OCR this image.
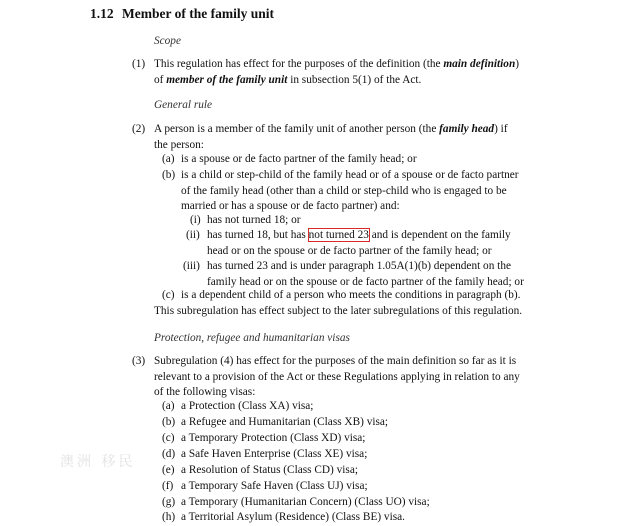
1.12 Member of the family unit
Scope
(1) This regulation has effect for the purposes of the definition (the main definition)
of member of the family unit in subsection 5(1) of the Act.
General rule
(2) A person is a member of the family unit of another person (the family head) if
the person:
(a) is a spouse or de facto partner of the family head; or
(b) is a child or step-child of the family head or of a spouse or de facto partner
of the family head (other than a child or step-child who is engaged to be
married or has a spouse or de facto partner) and:
(i) has not turned 18; or
(ii) has turned 18, but has not turned 23 and is dependent on the family
head or on the spouse or de facto partner of the family head; or
(iii) has turned 23 and is under paragraph 1.05A(1)(b) dependent on the
family head or on the spouse or de facto partner of the family head; or
(c) is a dependent child of a person who meets the conditions in paragraph (b).
This subregulation has effect subject to the later subregulations of this regulation.
Protection, refugee and humanitarian visas
(3) Subregulation (4) has effect for the purposes of the main definition so far as it is
relevant to a provision of the Act or these Regulations applying in relation to any
of the following visas:
(a) a Protection (Class XA) visa;
(b) a Refugee and Humanitarian (Class XB) visa;
(c) a Temporary Protection (Class XD) visa;
(d) a Safe Haven Enterprise (Class XE) visa;
(e) a Resolution of Status (Class CD) visa;
(f) a Temporary Safe Haven (Class UJ) visa;
(g) a Temporary (Humanitarian Concern) (Class UO) visa;
(h) a Territorial Asylum (Residence) (Class BE) visa.
澳洲 移民
